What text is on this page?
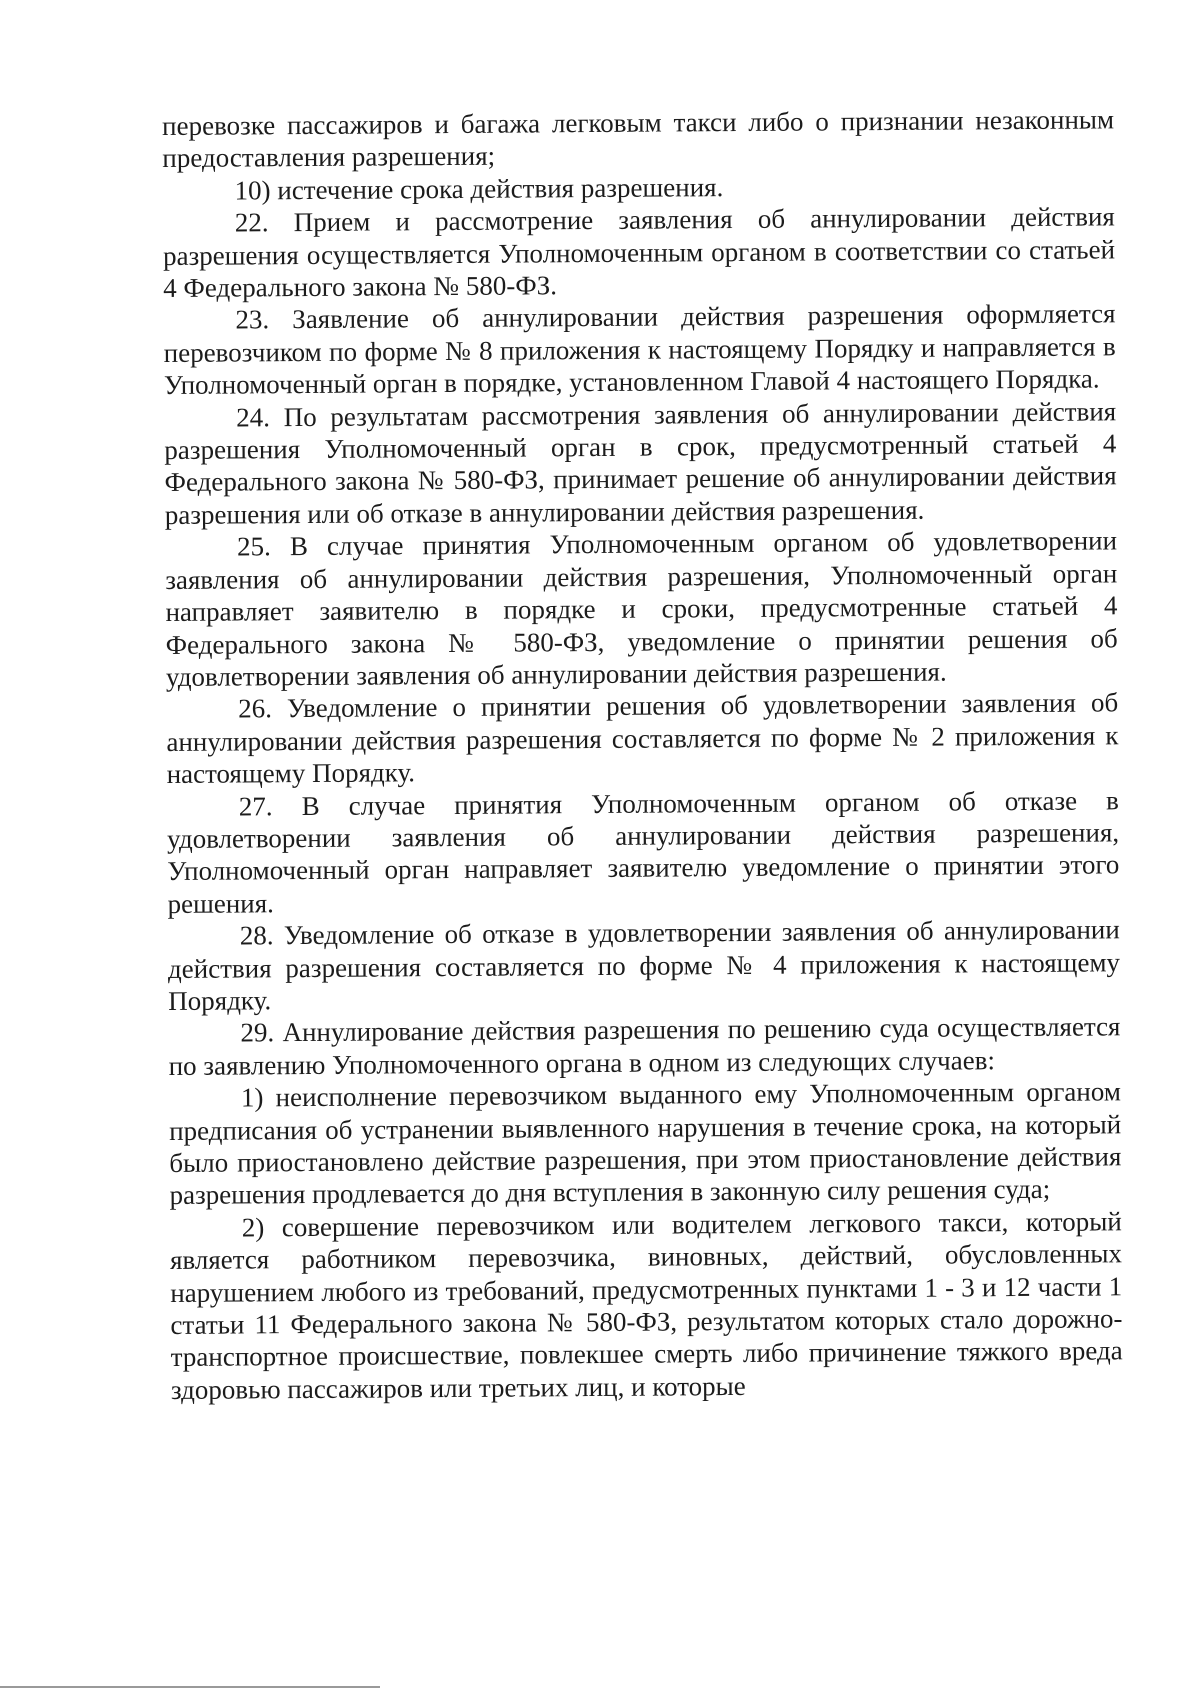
перевозке пассажиров и багажа легковым такси либо о признании незаконным предоставления разрешения;

10) истечение срока действия разрешения.

22. Прием и рассмотрение заявления об аннулировании действия разрешения осуществляется Уполномоченным органом в соответствии со статьей 4 Федерального закона № 580-ФЗ.

23. Заявление об аннулировании действия разрешения оформляется перевозчиком по форме № 8 приложения к настоящему Порядку и направляется в Уполномоченный орган в порядке, установленном Главой 4 настоящего Порядка.

24. По результатам рассмотрения заявления об аннулировании действия разрешения Уполномоченный орган в срок, предусмотренный статьей 4 Федерального закона № 580-ФЗ, принимает решение об аннулировании действия разрешения или об отказе в аннулировании действия разрешения.

25. В случае принятия Уполномоченным органом об удовлетворении заявления об аннулировании действия разрешения, Уполномоченный орган направляет заявителю в порядке и сроки, предусмотренные статьей 4 Федерального закона № 580-ФЗ, уведомление о принятии решения об удовлетворении заявления об аннулировании действия разрешения.

26. Уведомление о принятии решения об удовлетворении заявления об аннулировании действия разрешения составляется по форме № 2 приложения к настоящему Порядку.

27. В случае принятия Уполномоченным органом об отказе в удовлетворении заявления об аннулировании действия разрешения, Уполномоченный орган направляет заявителю уведомление о принятии этого решения.

28. Уведомление об отказе в удовлетворении заявления об аннулировании действия разрешения составляется по форме № 4 приложения к настоящему Порядку.

29. Аннулирование действия разрешения по решению суда осуществляется по заявлению Уполномоченного органа в одном из следующих случаев:

1) неисполнение перевозчиком выданного ему Уполномоченным органом предписания об устранении выявленного нарушения в течение срока, на который было приостановлено действие разрешения, при этом приостановление действия разрешения продлевается до дня вступления в законную силу решения суда;

2) совершение перевозчиком или водителем легкового такси, который является работником перевозчика, виновных, действий, обусловленных нарушением любого из требований, предусмотренных пунктами 1 - 3 и 12 части 1 статьи 11 Федерального закона № 580-ФЗ, результатом которых стало дорожно-транспортное происшествие, повлекшее смерть либо причинение тяжкого вреда здоровью пассажиров или третьих лиц, и которые
